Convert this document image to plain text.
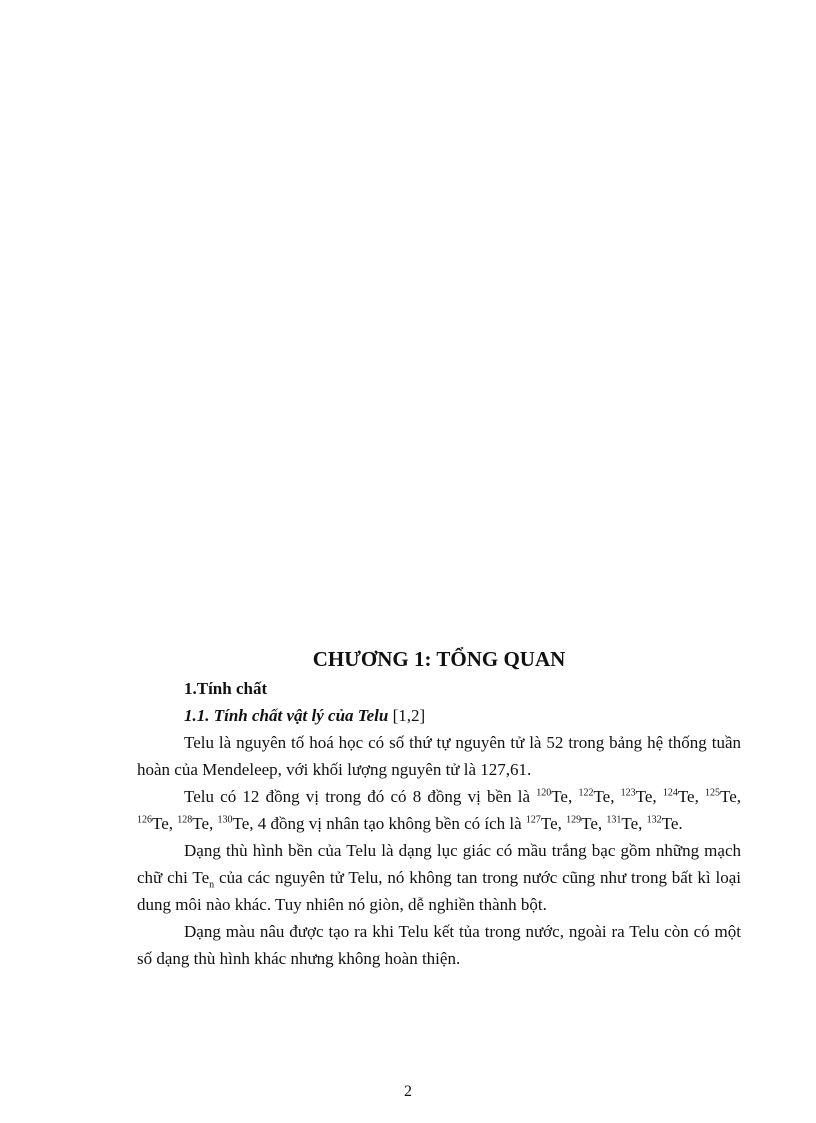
CHƯƠNG 1: TỔNG QUAN
1.Tính chất
1.1. Tính chất vật lý của Telu [1,2]

Telu là nguyên tố hoá học có số thứ tự nguyên tử là 52 trong bảng hệ thống tuần hoàn của Mendeleep, với khối lượng nguyên tử là 127,61.

Telu có 12 đồng vị trong đó có 8 đồng vị bền là $^{120}$Te, $^{122}$Te, $^{123}$Te, $^{124}$Te, $^{125}$Te, $^{126}$Te, $^{128}$Te, $^{130}$Te, 4 đồng vị nhân tạo không bền có ích là $^{127}$Te, $^{129}$Te, $^{131}$Te, $^{132}$Te.

Dạng thù hình bền của Telu là dạng lục giác có mầu trắng bạc gồm những mạch chữ chi $Te_n$ của các nguyên tử Telu, nó không tan trong nước cũng như trong bất kì loại dung môi nào khác. Tuy nhiên nó giòn, dễ nghiền thành bột.

Dạng màu nâu được tạo ra khi Telu kết tủa trong nước, ngoài ra Telu còn có một số dạng thù hình khác nhưng không hoàn thiện.

2
